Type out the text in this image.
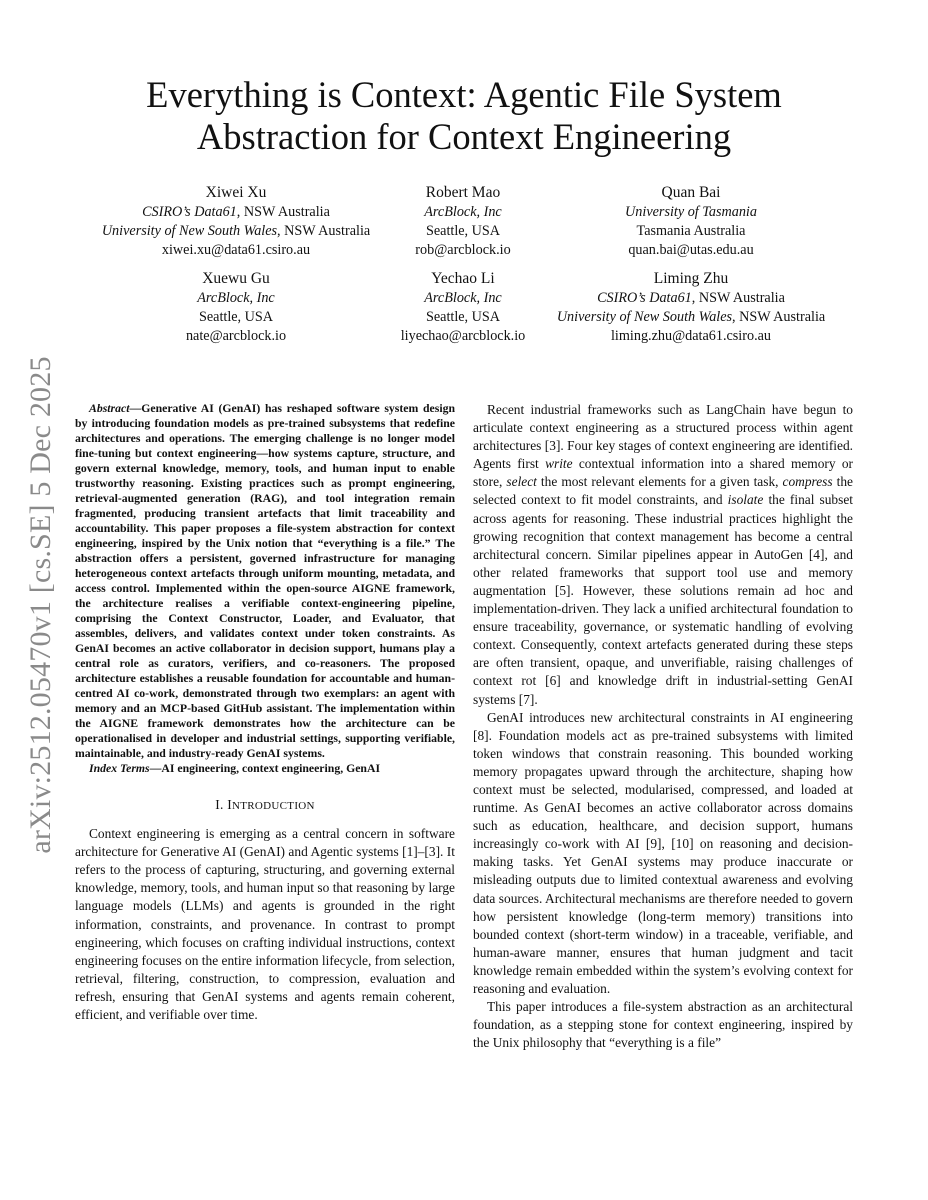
arXiv:2512.05470v1 [cs.SE] 5 Dec 2025
Everything is Context: Agentic File System
Abstraction for Context Engineering
Xiwei Xu
CSIRO’s Data61, NSW Australia
University of New South Wales, NSW Australia
xiwei.xu@data61.csiro.au
Robert Mao
ArcBlock, Inc
Seattle, USA
rob@arcblock.io
Quan Bai
University of Tasmania
Tasmania Australia
quan.bai@utas.edu.au
Xuewu Gu
ArcBlock, Inc
Seattle, USA
nate@arcblock.io
Yechao Li
ArcBlock, Inc
Seattle, USA
liyechao@arcblock.io
Liming Zhu
CSIRO’s Data61, NSW Australia
University of New South Wales, NSW Australia
liming.zhu@data61.csiro.au

Abstract—Generative AI (GenAI) has reshaped software system design by introducing foundation models as pre-trained subsystems that redefine architectures and operations. The emerging challenge is no longer model fine-tuning but context engineering—how systems capture, structure, and govern external knowledge, memory, tools, and human input to enable trustworthy reasoning. Existing practices such as prompt engineering, retrieval-augmented generation (RAG), and tool integration remain fragmented, producing transient artefacts that limit traceability and accountability. This paper proposes a file-system abstraction for context engineering, inspired by the Unix notion that “everything is a file.” The abstraction offers a persistent, governed infrastructure for managing heterogeneous context artefacts through uniform mounting, metadata, and access control. Implemented within the open-source AIGNE framework, the architecture realises a verifiable context-engineering pipeline, comprising the Context Constructor, Loader, and Evaluator, that assembles, delivers, and validates context under token constraints. As GenAI becomes an active collaborator in decision support, humans play a central role as curators, verifiers, and co-reasoners. The proposed architecture establishes a reusable foundation for accountable and human-centred AI co-work, demonstrated through two exemplars: an agent with memory and an MCP-based GitHub assistant. The implementation within the AIGNE framework demonstrates how the architecture can be operationalised in developer and industrial settings, supporting verifiable, maintainable, and industry-ready GenAI systems.

Index Terms—AI engineering, context engineering, GenAI

I. INTRODUCTION

Context engineering is emerging as a central concern in software architecture for Generative AI (GenAI) and Agentic systems [1]–[3]. It refers to the process of capturing, structuring, and governing external knowledge, memory, tools, and human input so that reasoning by large language models (LLMs) and agents is grounded in the right information, constraints, and provenance. In contrast to prompt engineering, which focuses on crafting individual instructions, context engineering focuses on the entire information lifecycle, from selection, retrieval, filtering, construction, to compression, evaluation and refresh, ensuring that GenAI systems and agents remain coherent, efficient, and verifiable over time.

Recent industrial frameworks such as LangChain have begun to articulate context engineering as a structured process within agent architectures [3]. Four key stages of context engineering are identified. Agents first write contextual information into a shared memory or store, select the most relevant elements for a given task, compress the selected context to fit model constraints, and isolate the final subset across agents for reasoning. These industrial practices highlight the growing recognition that context management has become a central architectural concern. Similar pipelines appear in AutoGen [4], and other related frameworks that support tool use and memory augmentation [5]. However, these solutions remain ad hoc and implementation-driven. They lack a unified architectural foundation to ensure traceability, governance, or systematic handling of evolving context. Consequently, context artefacts generated during these steps are often transient, opaque, and unverifiable, raising challenges of context rot [6] and knowledge drift in industrial-setting GenAI systems [7].

GenAI introduces new architectural constraints in AI engineering [8]. Foundation models act as pre-trained subsystems with limited token windows that constrain reasoning. This bounded working memory propagates upward through the architecture, shaping how context must be selected, modularised, compressed, and loaded at runtime. As GenAI becomes an active collaborator across domains such as education, healthcare, and decision support, humans increasingly co-work with AI [9], [10] on reasoning and decision-making tasks. Yet GenAI systems may produce inaccurate or misleading outputs due to limited contextual awareness and evolving data sources. Architectural mechanisms are therefore needed to govern how persistent knowledge (long-term memory) transitions into bounded context (short-term window) in a traceable, verifiable, and human-aware manner, ensures that human judgment and tacit knowledge remain embedded within the system’s evolving context for reasoning and evaluation.

This paper introduces a file-system abstraction as an architectural foundation, as a stepping stone for context engineering, inspired by the Unix philosophy that “everything is a file”
